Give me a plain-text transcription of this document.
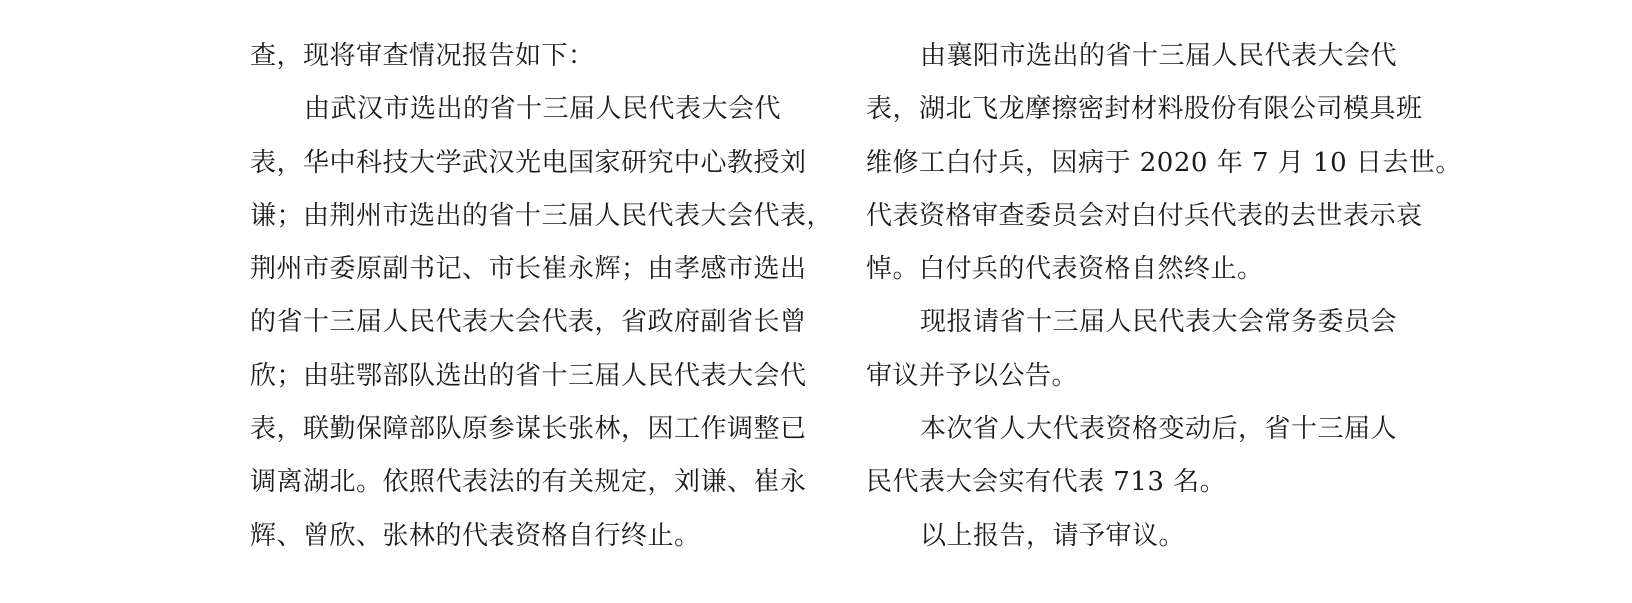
查，现将审查情况报告如下：
由武汉市选出的省十三届人民代表大会代
表，华中科技大学武汉光电国家研究中心教授刘
谦；由荆州市选出的省十三届人民代表大会代表，
荆州市委原副书记、市长崔永辉；由孝感市选出
的省十三届人民代表大会代表，省政府副省长曾
欣；由驻鄂部队选出的省十三届人民代表大会代
表，联勤保障部队原参谋长张林，因工作调整已
调离湖北。依照代表法的有关规定，刘谦、崔永
辉、曾欣、张林的代表资格自行终止。
由襄阳市选出的省十三届人民代表大会代
表，湖北飞龙摩擦密封材料股份有限公司模具班
维修工白付兵，因病于 2020 年 7 月 10 日去世。
代表资格审查委员会对白付兵代表的去世表示哀
悼。白付兵的代表资格自然终止。
现报请省十三届人民代表大会常务委员会
审议并予以公告。
本次省人大代表资格变动后，省十三届人
民代表大会实有代表 713 名。
以上报告，请予审议。
